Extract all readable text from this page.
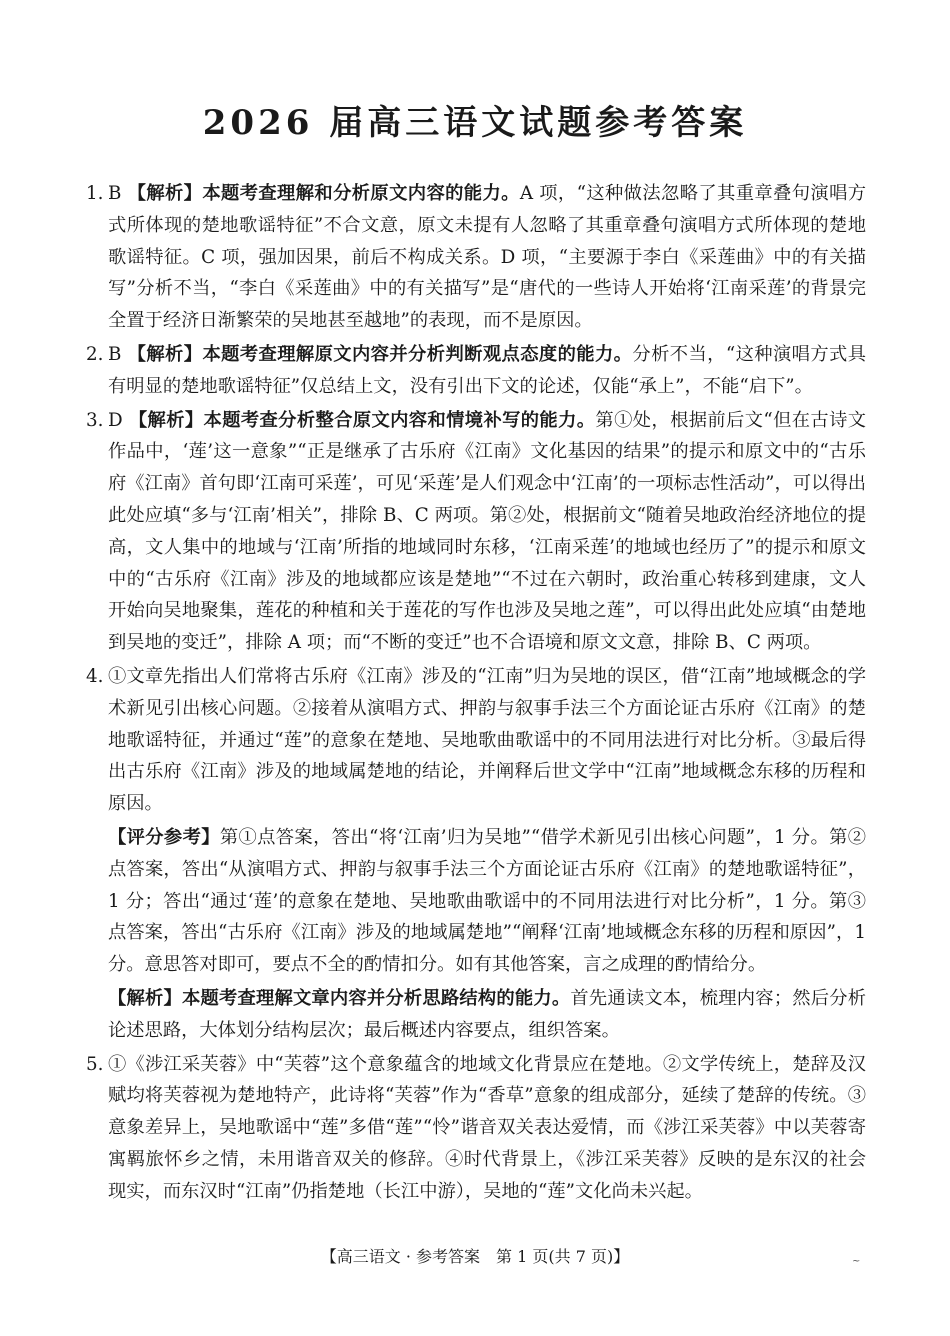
2026 届高三语文试题参考答案
1. B 【解析】本题考查理解和分析原文内容的能力。A 项，“这种做法忽略了其重章叠句演唱方式所体现的楚地歌谣特征”不合文意，原文未提有人忽略了其重章叠句演唱方式所体现的楚地歌谣特征。C 项，强加因果，前后不构成关系。D 项，“主要源于李白《采莲曲》中的有关描写”分析不当，“李白《采莲曲》中的有关描写”是“唐代的一些诗人开始将‘江南采莲’的背景完全置于经济日渐繁荣的吴地甚至越地”的表现，而不是原因。
2. B 【解析】本题考查理解原文内容并分析判断观点态度的能力。分析不当，“这种演唱方式具有明显的楚地歌谣特征”仅总结上文，没有引出下文的论述，仅能“承上”，不能“启下”。
3. D 【解析】本题考查分析整合原文内容和情境补写的能力。第①处，根据前后文“但在古诗文作品中，‘莲’这一意象”“正是继承了古乐府《江南》文化基因的结果”的提示和原文中的“古乐府《江南》首句即‘江南可采莲’，可见‘采莲’是人们观念中‘江南’的一项标志性活动”，可以得出此处应填“多与‘江南’相关”，排除 B、C 两项。第②处，根据前文“随着吴地政治经济地位的提高，文人集中的地域与‘江南’所指的地域同时东移，‘江南采莲’的地域也经历了”的提示和原文中的“古乐府《江南》涉及的地域都应该是楚地”“不过在六朝时，政治重心转移到建康，文人开始向吴地聚集，莲花的种植和关于莲花的写作也涉及吴地之莲”，可以得出此处应填“由楚地到吴地的变迁”，排除 A 项；而“不断的变迁”也不合语境和原文文意，排除 B、C 两项。
4. ①文章先指出人们常将古乐府《江南》涉及的“江南”归为吴地的误区，借“江南”地域概念的学术新见引出核心问题。②接着从演唱方式、押韵与叙事手法三个方面论证古乐府《江南》的楚地歌谣特征，并通过“莲”的意象在楚地、吴地歌曲歌谣中的不同用法进行对比分析。③最后得出古乐府《江南》涉及的地域属楚地的结论，并阐释后世文学中“江南”地域概念东移的历程和原因。
【评分参考】第①点答案，答出“将‘江南’归为吴地”“借学术新见引出核心问题”，1 分。第②点答案，答出“从演唱方式、押韵与叙事手法三个方面论证古乐府《江南》的楚地歌谣特征”，1 分；答出“通过‘莲’的意象在楚地、吴地歌曲歌谣中的不同用法进行对比分析”，1 分。第③点答案，答出“古乐府《江南》涉及的地域属楚地”“阐释‘江南’地域概念东移的历程和原因”，1 分。意思答对即可，要点不全的酌情扣分。如有其他答案，言之成理的酌情给分。
【解析】本题考查理解文章内容并分析思路结构的能力。首先通读文本，梳理内容；然后分析论述思路，大体划分结构层次；最后概述内容要点，组织答案。
5. ①《涉江采芙蓉》中“芙蓉”这个意象蕴含的地域文化背景应在楚地。②文学传统上，楚辞及汉赋均将芙蓉视为楚地特产，此诗将“芙蓉”作为“香草”意象的组成部分，延续了楚辞的传统。③意象差异上，吴地歌谣中“莲”多借“莲”“怜”谐音双关表达爱情，而《涉江采芙蓉》中以芙蓉寄寓羁旅怀乡之情，未用谐音双关的修辞。④时代背景上，《涉江采芙蓉》反映的是东汉的社会现实，而东汉时“江南”仍指楚地（长江中游），吴地的“莲”文化尚未兴起。
【高三语文 · 参考答案　第 1 页(共 7 页)】	~
